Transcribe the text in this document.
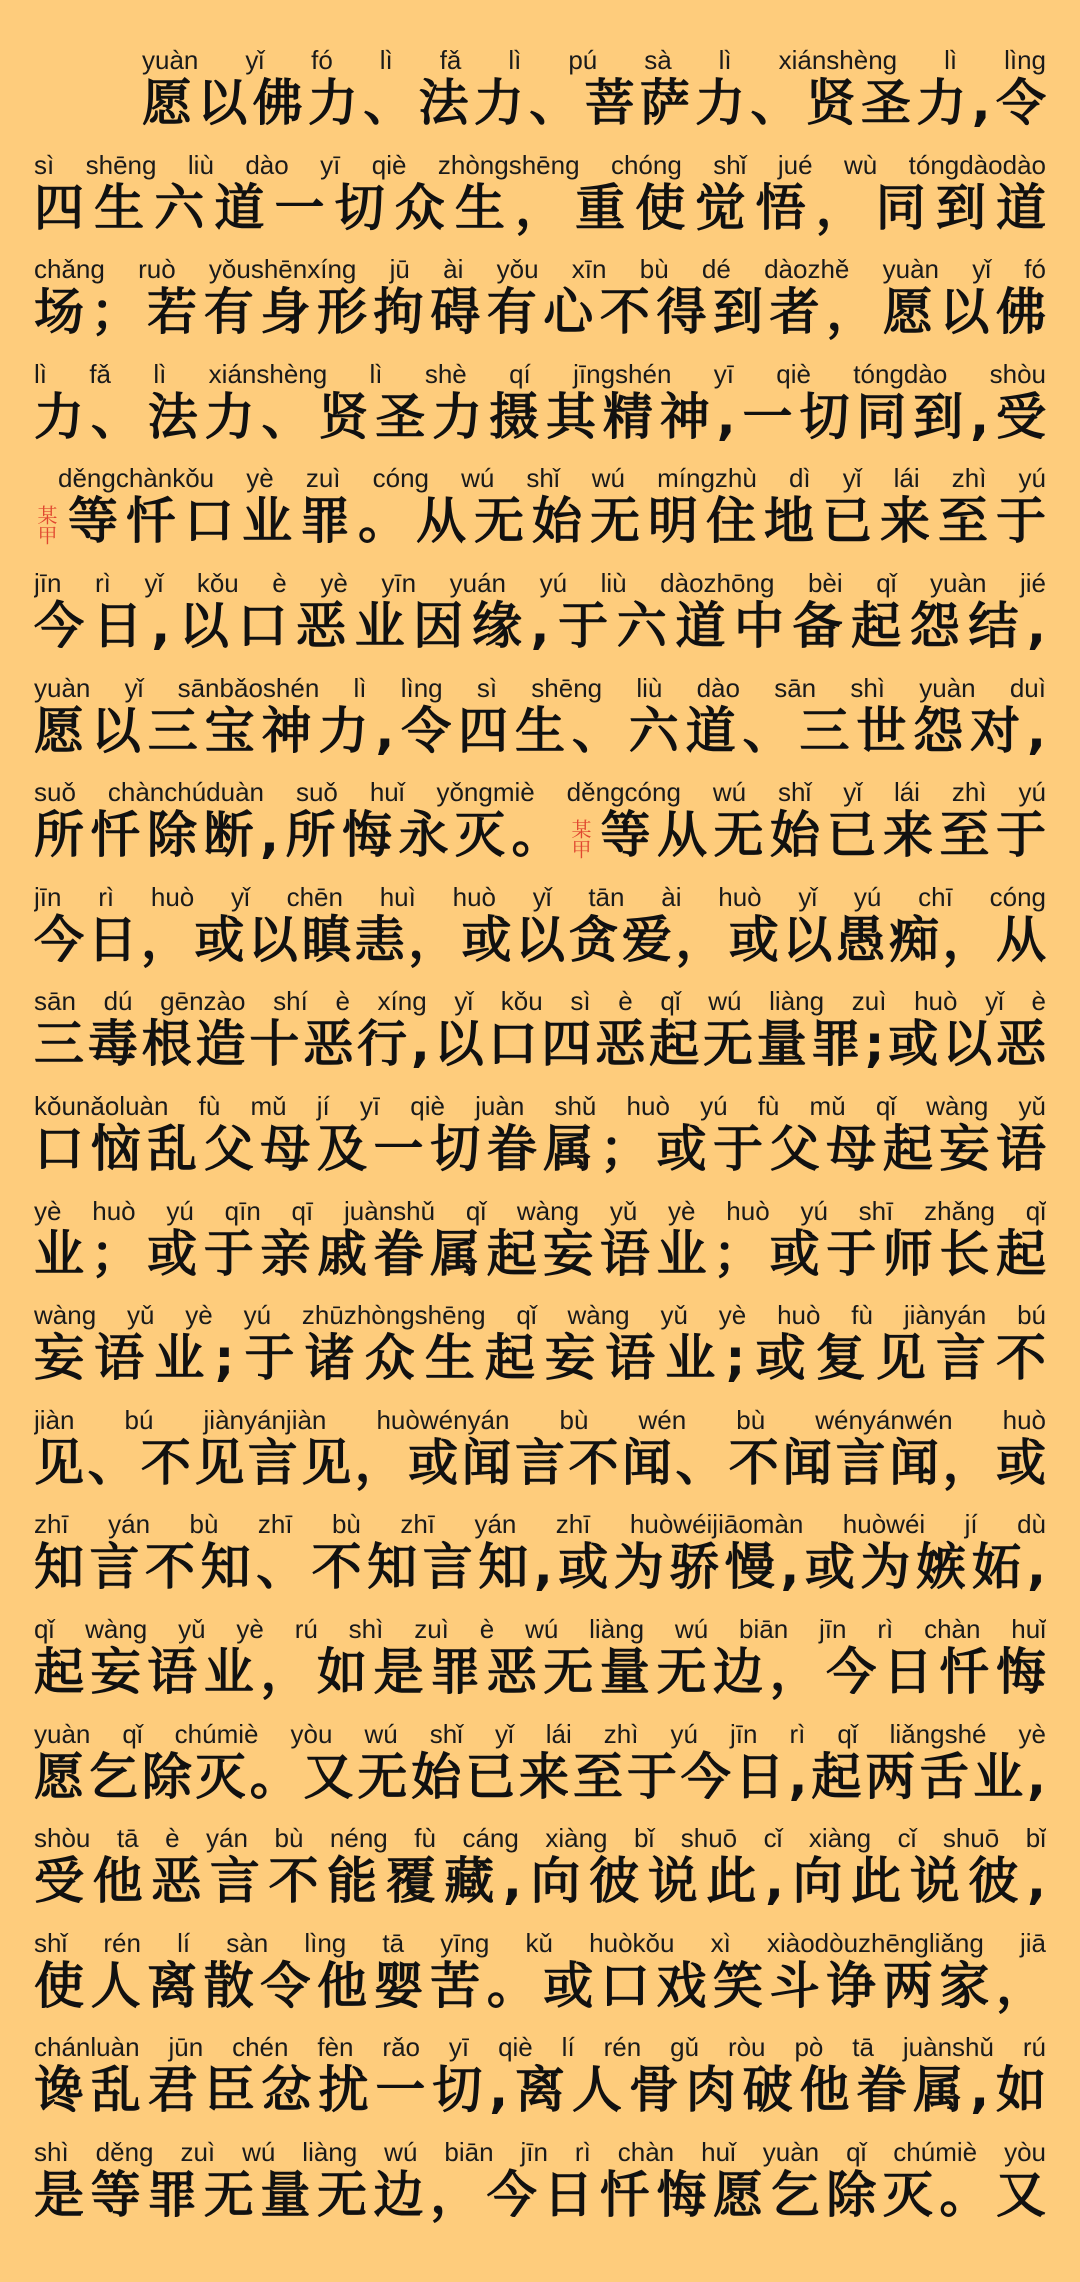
yuàn yǐ fó lì fǎ lì pú sà lì xiánshèng lì lìng
愿以佛力、法力、菩萨力、贤圣力,令
sì shēng liù dào yī qiè zhòngshēng chóng shǐ jué wù tóngdàodào
四生六道一切众生，重使觉悟，同到道
chǎng ruò yǒushēnxíng jū ài yǒu xīn bù dé dàozhě yuàn yǐ fó
场；若有身形拘碍有心不得到者，愿以佛
lì fǎ lì xiánshèng lì shè qí jīngshén yī qiè tóngdào shòu
力、法力、贤圣力摄其精神,一切同到,受
děngchànkǒu yè zuì cóng wú shǐ wú míngzhù dì yǐ lái zhì yú
某甲等忏口业罪。从无始无明住地已来至于
jīn rì yǐ kǒu è yè yīn yuán yú liù dàozhōng bèi qǐ yuàn jié
今日,以口恶业因缘,于六道中备起怨结,
yuàn yǐ sānbǎoshén lì lìng sì shēng liù dào sān shì yuàn duì
愿以三宝神力,令四生、六道、三世怨对,
suǒ chànchúduàn suǒ huǐ yǒngmiè děngcóng wú shǐ yǐ lái zhì yú
所忏除断,所悔永灭。某甲等从无始已来至于
jīn rì huò yǐ chēn huì huò yǐ tān ài huò yǐ yú chī cóng
今日，或以瞋恚，或以贪爱，或以愚痴，从
sān dú gēnzào shí è xíng yǐ kǒu sì è qǐ wú liàng zuì huò yǐ è
三毒根造十恶行,以口四恶起无量罪;或以恶
kǒunǎoluàn fù mǔ jí yī qiè juàn shǔ huò yú fù mǔ qǐ wàng yǔ
口恼乱父母及一切眷属；或于父母起妄语
yè huò yú qīn qī juànshǔ qǐ wàng yǔ yè huò yú shī zhǎng qǐ
业；或于亲戚眷属起妄语业；或于师长起
wàng yǔ yè yú zhūzhòngshēng qǐ wàng yǔ yè huò fù jiànyán bú
妄语业;于诸众生起妄语业;或复见言不
jiàn bú jiànyánjiàn huòwényán bù wén bù wényánwén huò
见、不见言见，或闻言不闻、不闻言闻，或
zhī yán bù zhī bù zhī yán zhī huòwéijiāomàn huòwéi jí dù
知言不知、不知言知,或为骄慢,或为嫉妬,
qǐ wàng yǔ yè rú shì zuì è wú liàng wú biān jīn rì chàn huǐ
起妄语业，如是罪恶无量无边，今日忏悔
yuàn qǐ chúmiè yòu wú shǐ yǐ lái zhì yú jīn rì qǐ liǎngshé yè
愿乞除灭。又无始已来至于今日,起两舌业,
shòu tā è yán bù néng fù cáng xiàng bǐ shuō cǐ xiàng cǐ shuō bǐ
受他恶言不能覆藏,向彼说此,向此说彼,
shǐ rén lí sàn lìng tā yīng kǔ huòkǒu xì xiàodòuzhēngliǎng jiā
使人离散令他婴苦。或口戏笑斗诤两家，
chánluàn jūn chén fèn rǎo yī qiè lí rén gǔ ròu pò tā juànshǔ rú
谗乱君臣忿扰一切,离人骨肉破他眷属,如
shì děng zuì wú liàng wú biān jīn rì chàn huǐ yuàn qǐ chúmiè yòu
是等罪无量无边，今日忏悔愿乞除灭。又
